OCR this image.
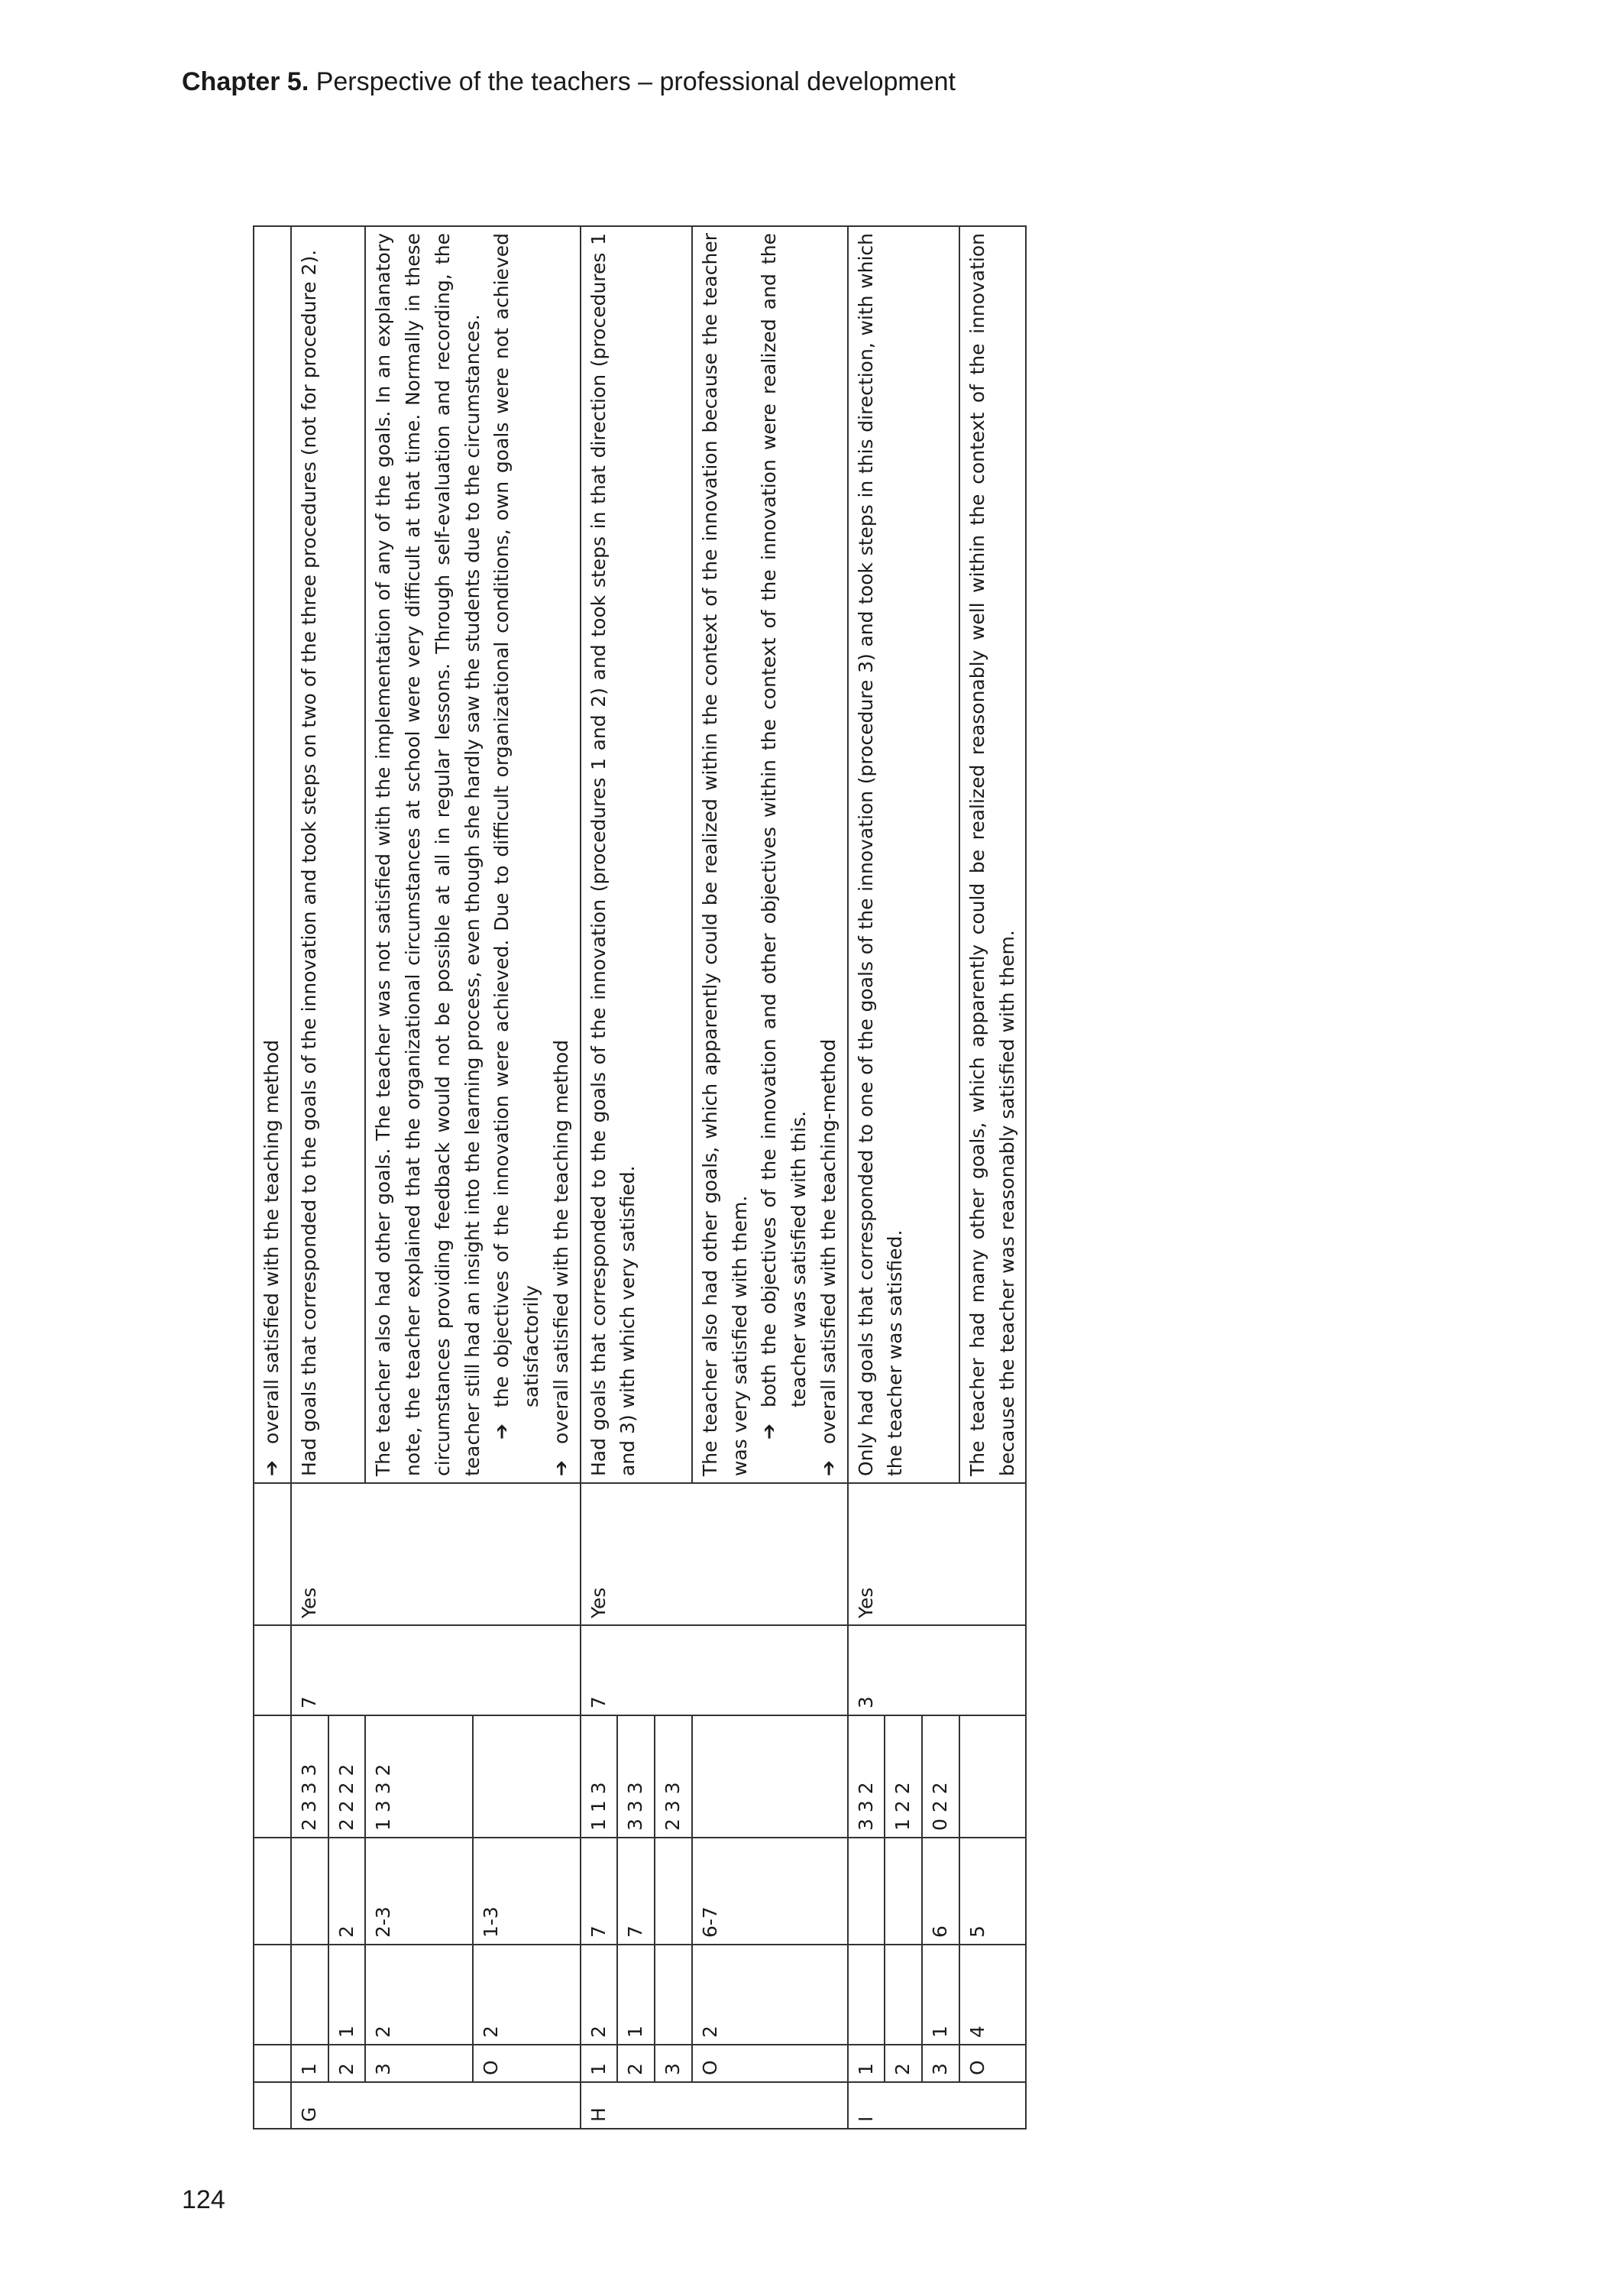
Chapter 5. Perspective of the teachers – professional development

							➔
overall satisfied with the teaching method

G	1			2 3 3 3	7	Yes	Had goals that corresponded to the goals of the innovation and took steps on two of the three procedures (not for procedure 2).
	2	1	2	2 2 2 2			
	3	2	2-3	1 3 3 2			The teacher also had other goals. The teacher was not satisfied with the implementation of any of the goals. In an explanatory note, the teacher explained that the organizational circumstances at school were very difficult at that time. Normally in these circumstances providing feedback would not be possible at all in regular lessons. Through self-evaluation and recording, the teacher still had an insight into the learning process, even though she hardly saw the students due to the circumstances. ➔
the objectives of the innovation were achieved. Due to difficult organizational conditions, own goals were not achieved satisfactorily
➔
overall satisfied with the teaching method

	O	2	1-3				
H	1	2	7	1 1 3	7	Yes	Had goals that corresponded to the goals of the innovation (procedures 1 and 2) and took steps in that direction (procedures 1 and 3) with which very satisfied.
	2	1	7	3 3 3			
	3			2 3 3			
	O	2	6-7				The teacher also had other goals, which apparently could be realized within the context of the innovation because the teacher was very satisfied with them. ➔
both the objectives of the innovation and other objectives within the context of the innovation were realized and the teacher was satisfied with this.
➔
overall satisfied with the teaching-method

I	1			3 3 2	3	Yes	Only had goals that corresponded to one of the goals of the innovation (procedure 3) and took steps in this direction, with which the teacher was satisfied.
	2			1 2 2			
	3	1	6	0 2 2			
	O	4	5				The teacher had many other goals, which apparently could be realized reasonably well within the context of the innovation because the teacher was reasonably satisfied with them.
124
